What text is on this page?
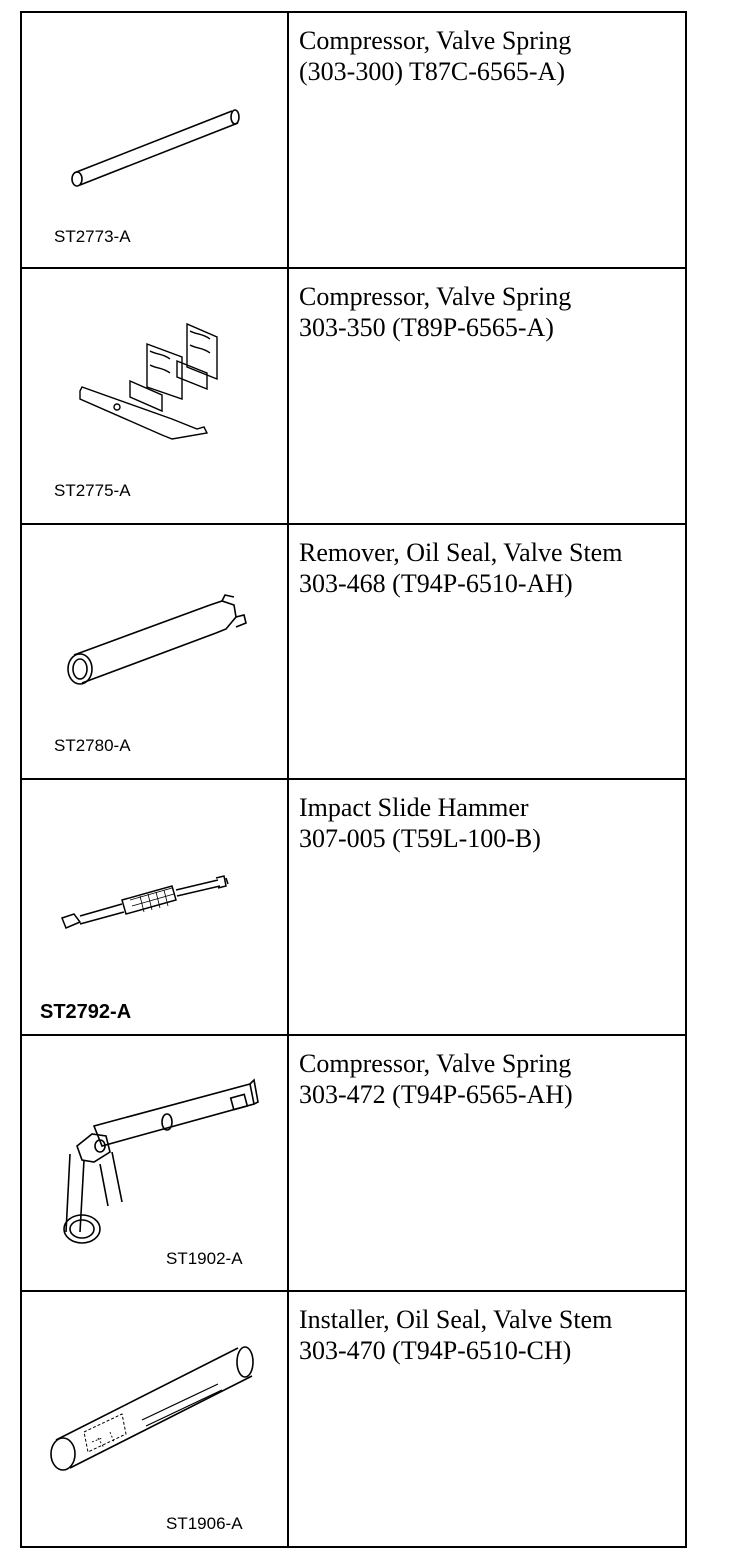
ST2773-A	Compressor, Valve Spring
(303-300) T87C-6565-A)

ST2775-A	Compressor, Valve Spring
303-350 (T89P-6565-A)

ST2780-A	Remover, Oil Seal, Valve Stem
303-468 (T94P-6510-AH)

ST2792-A	Impact Slide Hammer
307-005 (T59L-100-B)

ST1902-A	Compressor, Valve Spring
303-472 (T94P-6565-AH)

ST1906-A	Installer, Oil Seal, Valve Stem
303-470 (T94P-6510-CH)
